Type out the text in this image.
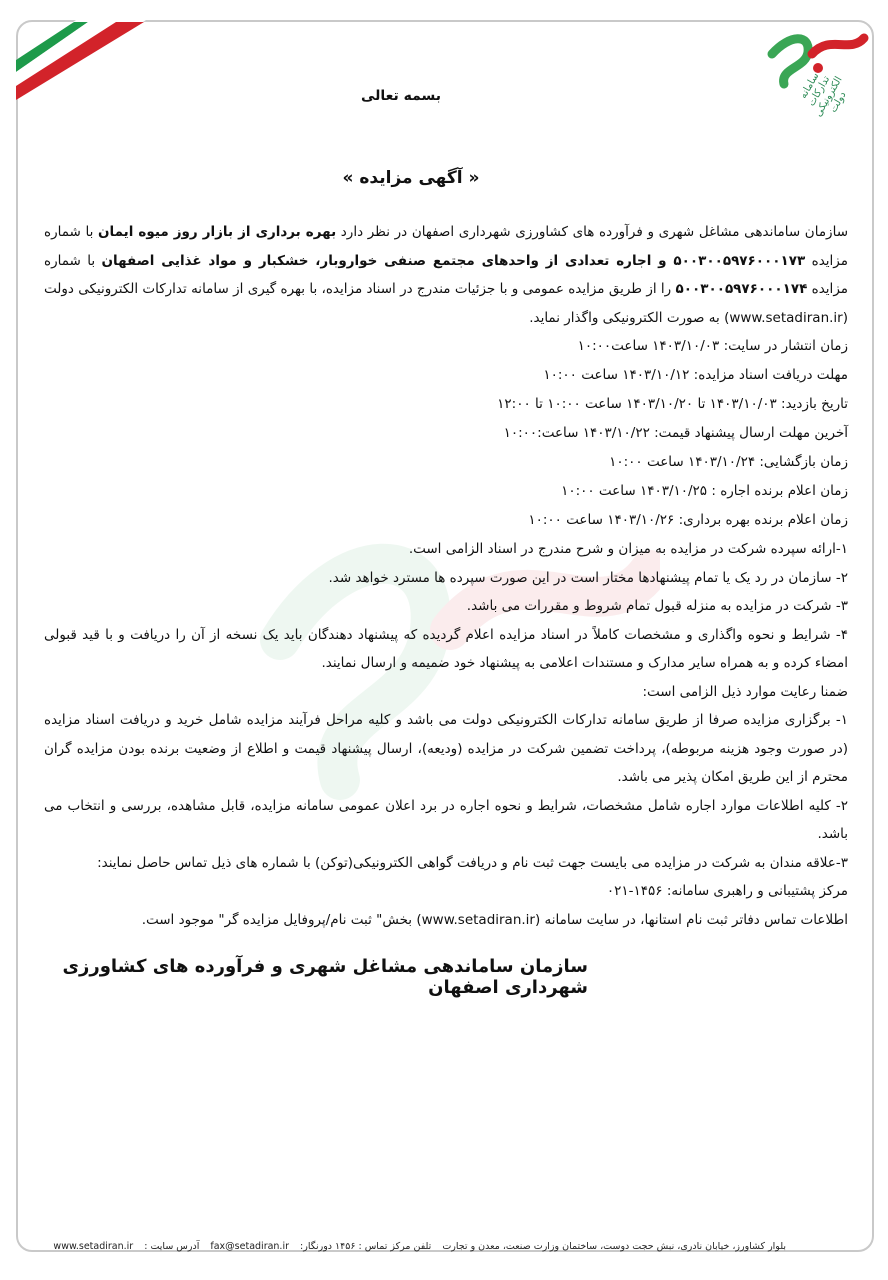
سامانه تدارکات الکترونیکی دولت
بسمه تعالی
« آگهی مزایده »

سازمان ساماندهی مشاغل شهری و فرآورده های کشاورزی شهرداری اصفهان در نظر دارد بهره برداری از بازار روز میوه ایمان با شماره مزایده ۵۰۰۳۰۰۵۹۷۶۰۰۰۱۷۳ و اجاره تعدادی از واحدهای مجتمع صنفی خواروبار، خشکبار و مواد غذایی اصفهان با شماره مزایده ۵۰۰۳۰۰۵۹۷۶۰۰۰۱۷۴ را از طریق مزایده عمومی و با جزئیات مندرج در اسناد مزایده، با بهره گیری از سامانه تدارکات الکترونیکی دولت (www.setadiran.ir) به صورت الکترونیکی واگذار نماید.

زمان انتشار در سایت: ۱۴۰۳/۱۰/۰۳ ساعت۱۰:۰۰

مهلت دریافت اسناد مزایده: ۱۴۰۳/۱۰/۱۲ ساعت ۱۰:۰۰

تاریخ بازدید: ۱۴۰۳/۱۰/۰۳ تا ۱۴۰۳/۱۰/۲۰ ساعت ۱۰:۰۰ تا ۱۲:۰۰

آخرین مهلت ارسال پیشنهاد قیمت: ۱۴۰۳/۱۰/۲۲ ساعت:۱۰:۰۰

زمان بازگشایی: ۱۴۰۳/۱۰/۲۴ ساعت ۱۰:۰۰

زمان اعلام برنده اجاره : ۱۴۰۳/۱۰/۲۵ ساعت ۱۰:۰۰

زمان اعلام برنده بهره برداری: ۱۴۰۳/۱۰/۲۶ ساعت ۱۰:۰۰

۱-ارائه سپرده شرکت در مزایده به میزان و شرح مندرج در اسناد الزامی است.

۲- سازمان در رد یک یا تمام پیشنهادها مختار است در این صورت سپرده ها مسترد خواهد شد.

۳- شرکت در مزایده به منزله قبول تمام شروط و مقررات می باشد.

۴- شرایط و نحوه واگذاری و مشخصات کاملاً در اسناد مزایده اعلام گردیده که پیشنهاد دهندگان باید یک نسخه از آن را دریافت و با قید قبولی امضاء کرده و به همراه سایر مدارک و مستندات اعلامی به پیشنهاد خود ضمیمه و ارسال نمایند.

ضمنا رعایت موارد ذیل الزامی است:

۱- برگزاری مزایده صرفا از طریق سامانه تدارکات الکترونیکی دولت می باشد و کلیه مراحل فرآیند مزایده شامل خرید و دریافت اسناد مزایده (در صورت وجود هزینه مربوطه)، پرداخت تضمین شرکت در مزایده (ودیعه)، ارسال پیشنهاد قیمت و اطلاع از وضعیت برنده بودن مزایده گران محترم از این طریق امکان پذیر می باشد.

۲- کلیه اطلاعات موارد اجاره شامل مشخصات، شرایط و نحوه اجاره در برد اعلان عمومی سامانه مزایده، قابل مشاهده، بررسی و انتخاب می باشد.

۳-علاقه مندان به شرکت در مزایده می بایست جهت ثبت نام و دریافت گواهی الکترونیکی(توکن) با شماره های ذیل تماس حاصل نمایند:

مرکز پشتیبانی و راهبری سامانه: ۱۴۵۶-۰۲۱

اطلاعات تماس دفاتر ثبت نام استانها، در سایت سامانه (www.setadiran.ir) بخش" ثبت نام/پروفایل مزایده گر" موجود است.

سازمان ساماندهی مشاغل شهری و فرآورده های کشاورزی شهرداری اصفهان
بلوار کشاورز، خیابان نادری، نبش حجت دوست، ساختمان وزارت صنعت، معدن و تجارت تلفن مرکز تماس : ۱۴۵۶ دورنگار: fax@setadiran.ir آدرس سایت : www.setadiran.ir
